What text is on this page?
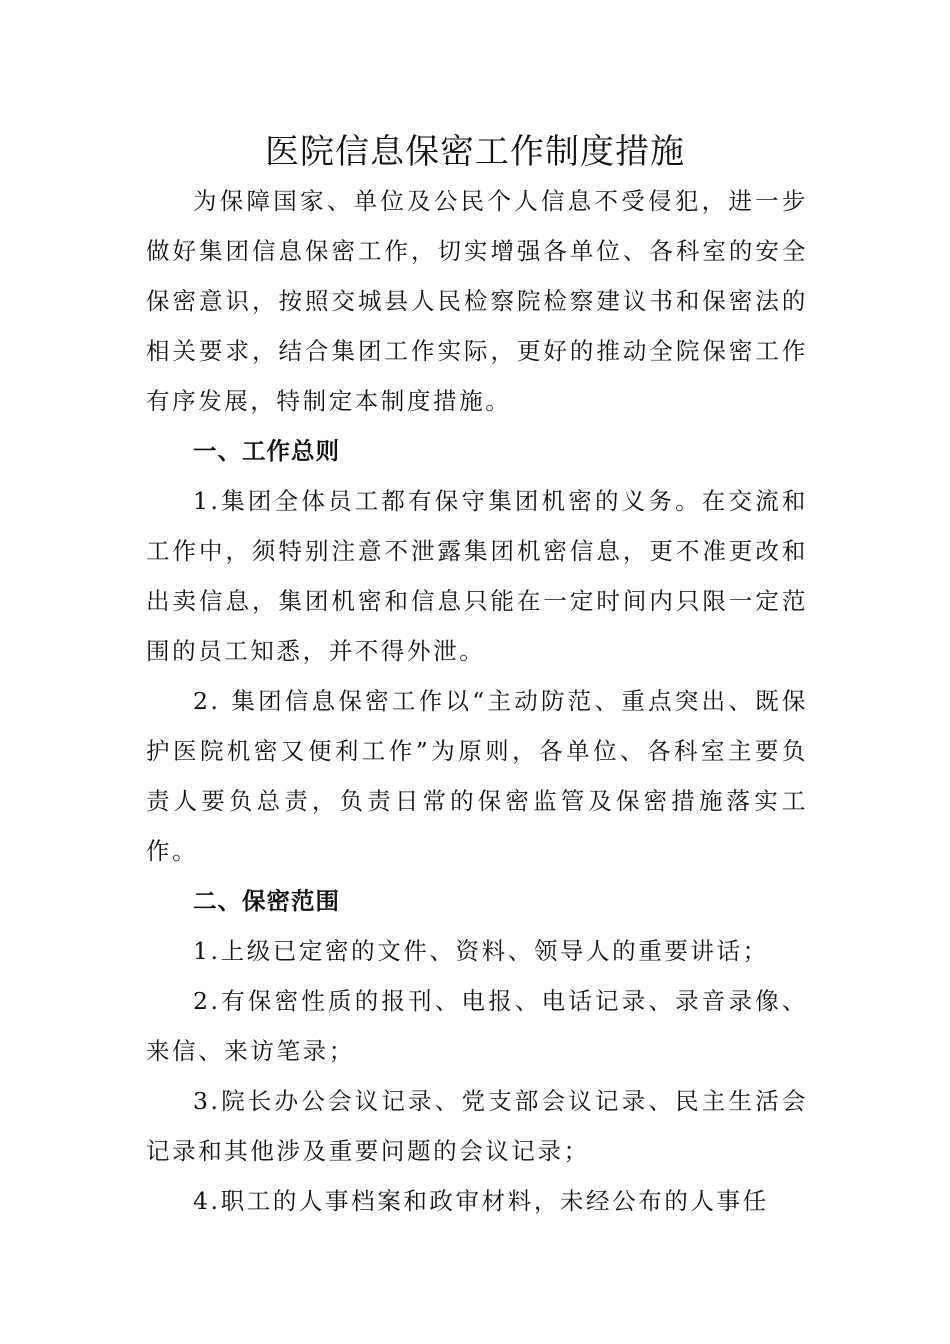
医院信息保密工作制度措施

为保障国家、单位及公民个人信息不受侵犯，进一步做好集团信息保密工作，切实增强各单位、各科室的安全保密意识，按照交城县人民检察院检察建议书和保密法的相关要求，结合集团工作实际，更好的推动全院保密工作有序发展，特制定本制度措施。

一、工作总则

1.集团全体员工都有保守集团机密的义务。在交流和工作中，须特别注意不泄露集团机密信息，更不准更改和出卖信息，集团机密和信息只能在一定时间内只限一定范围的员工知悉，并不得外泄。

2. 集团信息保密工作以“主动防范、重点突出、既保护医院机密又便利工作”为原则，各单位、各科室主要负责人要负总责，负责日常的保密监管及保密措施落实工作。

二、保密范围

1.上级已定密的文件、资料、领导人的重要讲话；

2.有保密性质的报刊、电报、电话记录、录音录像、来信、来访笔录；

3.院长办公会议记录、党支部会议记录、民主生活会记录和其他涉及重要问题的会议记录；

4.职工的人事档案和政审材料，未经公布的人事任
